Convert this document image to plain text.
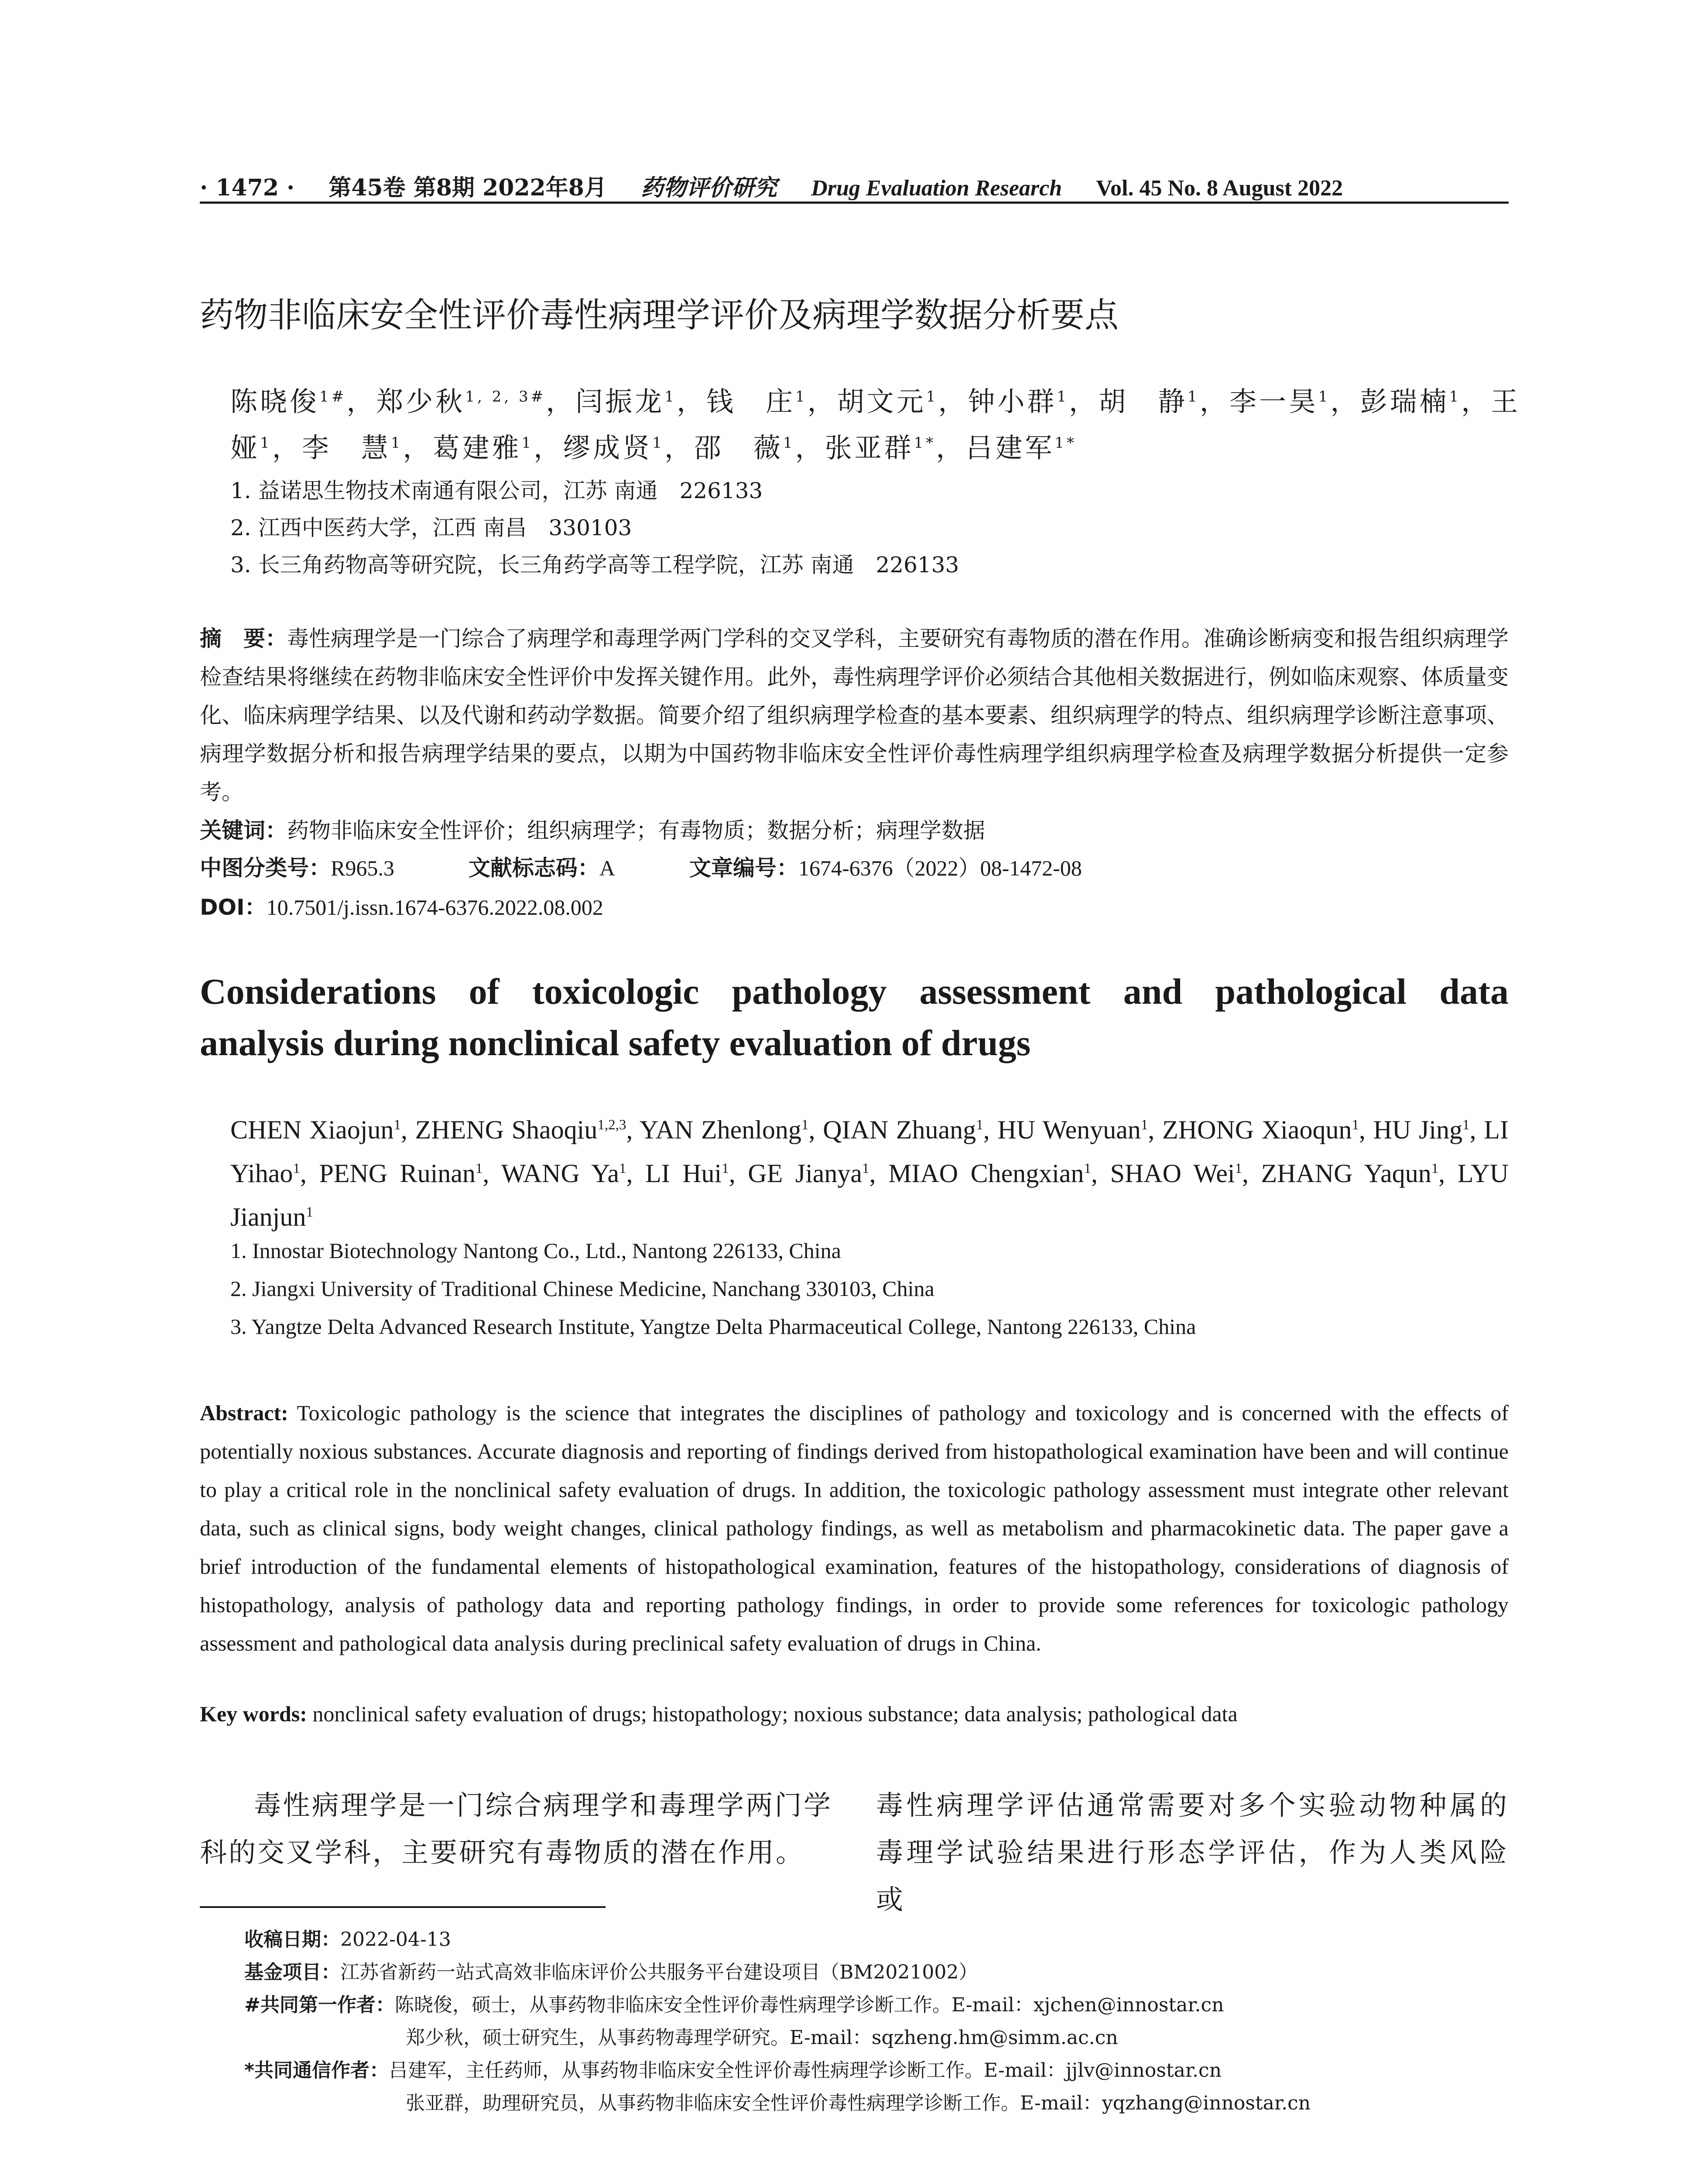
· 1472 · 第45卷 第8期 2022年8月 药物评价研究 Drug Evaluation Research Vol. 45 No. 8 August 2022
药物非临床安全性评价毒性病理学评价及病理学数据分析要点
陈晓俊$^{1\#}$，郑少秋$^{1, 2, 3\#}$，闫振龙$^1$，钱　庄$^1$，胡文元$^1$，钟小群$^1$，胡　静$^1$，李一昊$^1$，彭瑞楠$^1$，王　娅$^1$，李　慧$^1$，葛建雅$^1$，缪成贤$^1$，邵　薇$^1$，张亚群$^{1*}$，吕建军$^{1*}$
1. 益诺思生物技术南通有限公司，江苏 南通　226133
2. 江西中医药大学，江西 南昌　330103
3. 长三角药物高等研究院，长三角药学高等工程学院，江苏 南通　226133
摘　要：毒性病理学是一门综合了病理学和毒理学两门学科的交叉学科，主要研究有毒物质的潜在作用。准确诊断病变和报告组织病理学检查结果将继续在药物非临床安全性评价中发挥关键作用。此外，毒性病理学评价必须结合其他相关数据进行，例如临床观察、体质量变化、临床病理学结果、以及代谢和药动学数据。简要介绍了组织病理学检查的基本要素、组织病理学的特点、组织病理学诊断注意事项、病理学数据分析和报告病理学结果的要点，以期为中国药物非临床安全性评价毒性病理学组织病理学检查及病理学数据分析提供一定参考。
关键词：药物非临床安全性评价；组织病理学；有毒物质；数据分析；病理学数据
中图分类号：R965.3	文献标志码：A	文章编号：1674-6376（2022）08-1472-08
DOI：10.7501/j.issn.1674-6376.2022.08.002
Considerations of toxicologic pathology assessment and pathological data
analysis during nonclinical safety evaluation of drugs
CHEN Xiaojun$^1$, ZHENG Shaoqiu$^{1,2,3}$, YAN Zhenlong$^1$, QIAN Zhuang$^1$, HU Wenyuan$^1$, ZHONG Xiaoqun$^1$, HU Jing$^1$, LI Yihao$^1$, PENG Ruinan$^1$, WANG Ya$^1$, LI Hui$^1$, GE Jianya$^1$, MIAO Chengxian$^1$, SHAO Wei$^1$, ZHANG Yaqun$^1$, LYU Jianjun$^1$
1. Innostar Biotechnology Nantong Co., Ltd., Nantong 226133, China
2. Jiangxi University of Traditional Chinese Medicine, Nanchang 330103, China
3. Yangtze Delta Advanced Research Institute, Yangtze Delta Pharmaceutical College, Nantong 226133, China
Abstract: Toxicologic pathology is the science that integrates the disciplines of pathology and toxicology and is concerned with the effects of potentially noxious substances. Accurate diagnosis and reporting of findings derived from histopathological examination have been and will continue to play a critical role in the nonclinical safety evaluation of drugs. In addition, the toxicologic pathology assessment must integrate other relevant data, such as clinical signs, body weight changes, clinical pathology findings, as well as metabolism and pharmacokinetic data. The paper gave a brief introduction of the fundamental elements of histopathological examination, features of the histopathology, considerations of diagnosis of histopathology, analysis of pathology data and reporting pathology findings, in order to provide some references for toxicologic pathology assessment and pathological data analysis during preclinical safety evaluation of drugs in China.
Key words: nonclinical safety evaluation of drugs; histopathology; noxious substance; data analysis; pathological data
毒性病理学是一门综合病理学和毒理学两门学科的交叉学科，主要研究有毒物质的潜在作用。
毒性病理学评估通常需要对多个实验动物种属的毒理学试验结果进行形态学评估，作为人类风险或
收稿日期：2022-04-13
基金项目：江苏省新药一站式高效非临床评价公共服务平台建设项目（BM2021002）
#共同第一作者：陈晓俊，硕士，从事药物非临床安全性评价毒性病理学诊断工作。E-mail：xjchen@innostar.cn
郑少秋，硕士研究生，从事药物毒理学研究。E-mail：sqzheng.hm@simm.ac.cn
*共同通信作者：吕建军，主任药师，从事药物非临床安全性评价毒性病理学诊断工作。E-mail：jjlv@innostar.cn
张亚群，助理研究员，从事药物非临床安全性评价毒性病理学诊断工作。E-mail：yqzhang@innostar.cn
